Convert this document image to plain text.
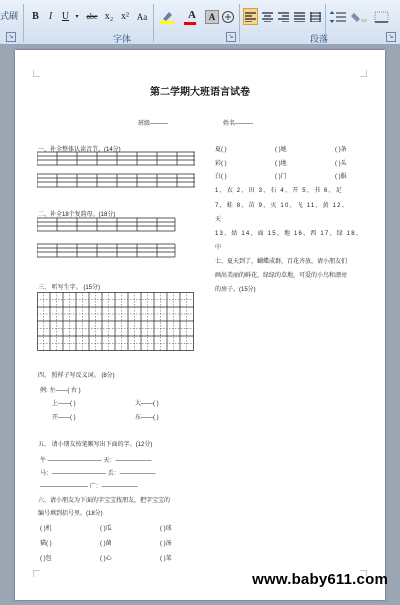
式刷	B	I U	▾ abc x₂ x² Aa	A	A
字体	↘
↘	段落	↘
第二学期大班语言试卷
班级———	姓名———
一、补全整体认读音节。(14分)
二、补全18个复韵母。(18分)
三、 听写生字。 (15分)
四、 照样子写反义词。 (8分)
例: 左——( 右 )
上——( )	大——( )
开——( )	东——( )
五、 请小朋友按笔顺写出下面的字。(12分)
牛 ————————— 天：——————
马：————————— 舌：——————
———————— 广：——————
六、请小朋友为下面的字宝宝找朋友，把字宝宝的
编号填到括号里。(18分)
( )机	( )瓜	( )球
猫( )	( )菌	( )汤
( )包	( )心	( )菜
夏( )	( )她	( )条
彩( )	( )地	( )头
白( )	( )门	( )服
1、衣 2、田 3、石 4、开 5、书 6、足
7、蛙 8、苗 9、灭 10、飞 11、黄 12、
天
13、姑 14、面 15、地 16、西 17、绿 18、
中
七、夏天到了，蝴蝶成群，百花齐放，请小朋友们
画出美丽的鲜花，绿绿的草地，可爱的小鸟和漂亮
的房子。(15分)
www.baby611.com
